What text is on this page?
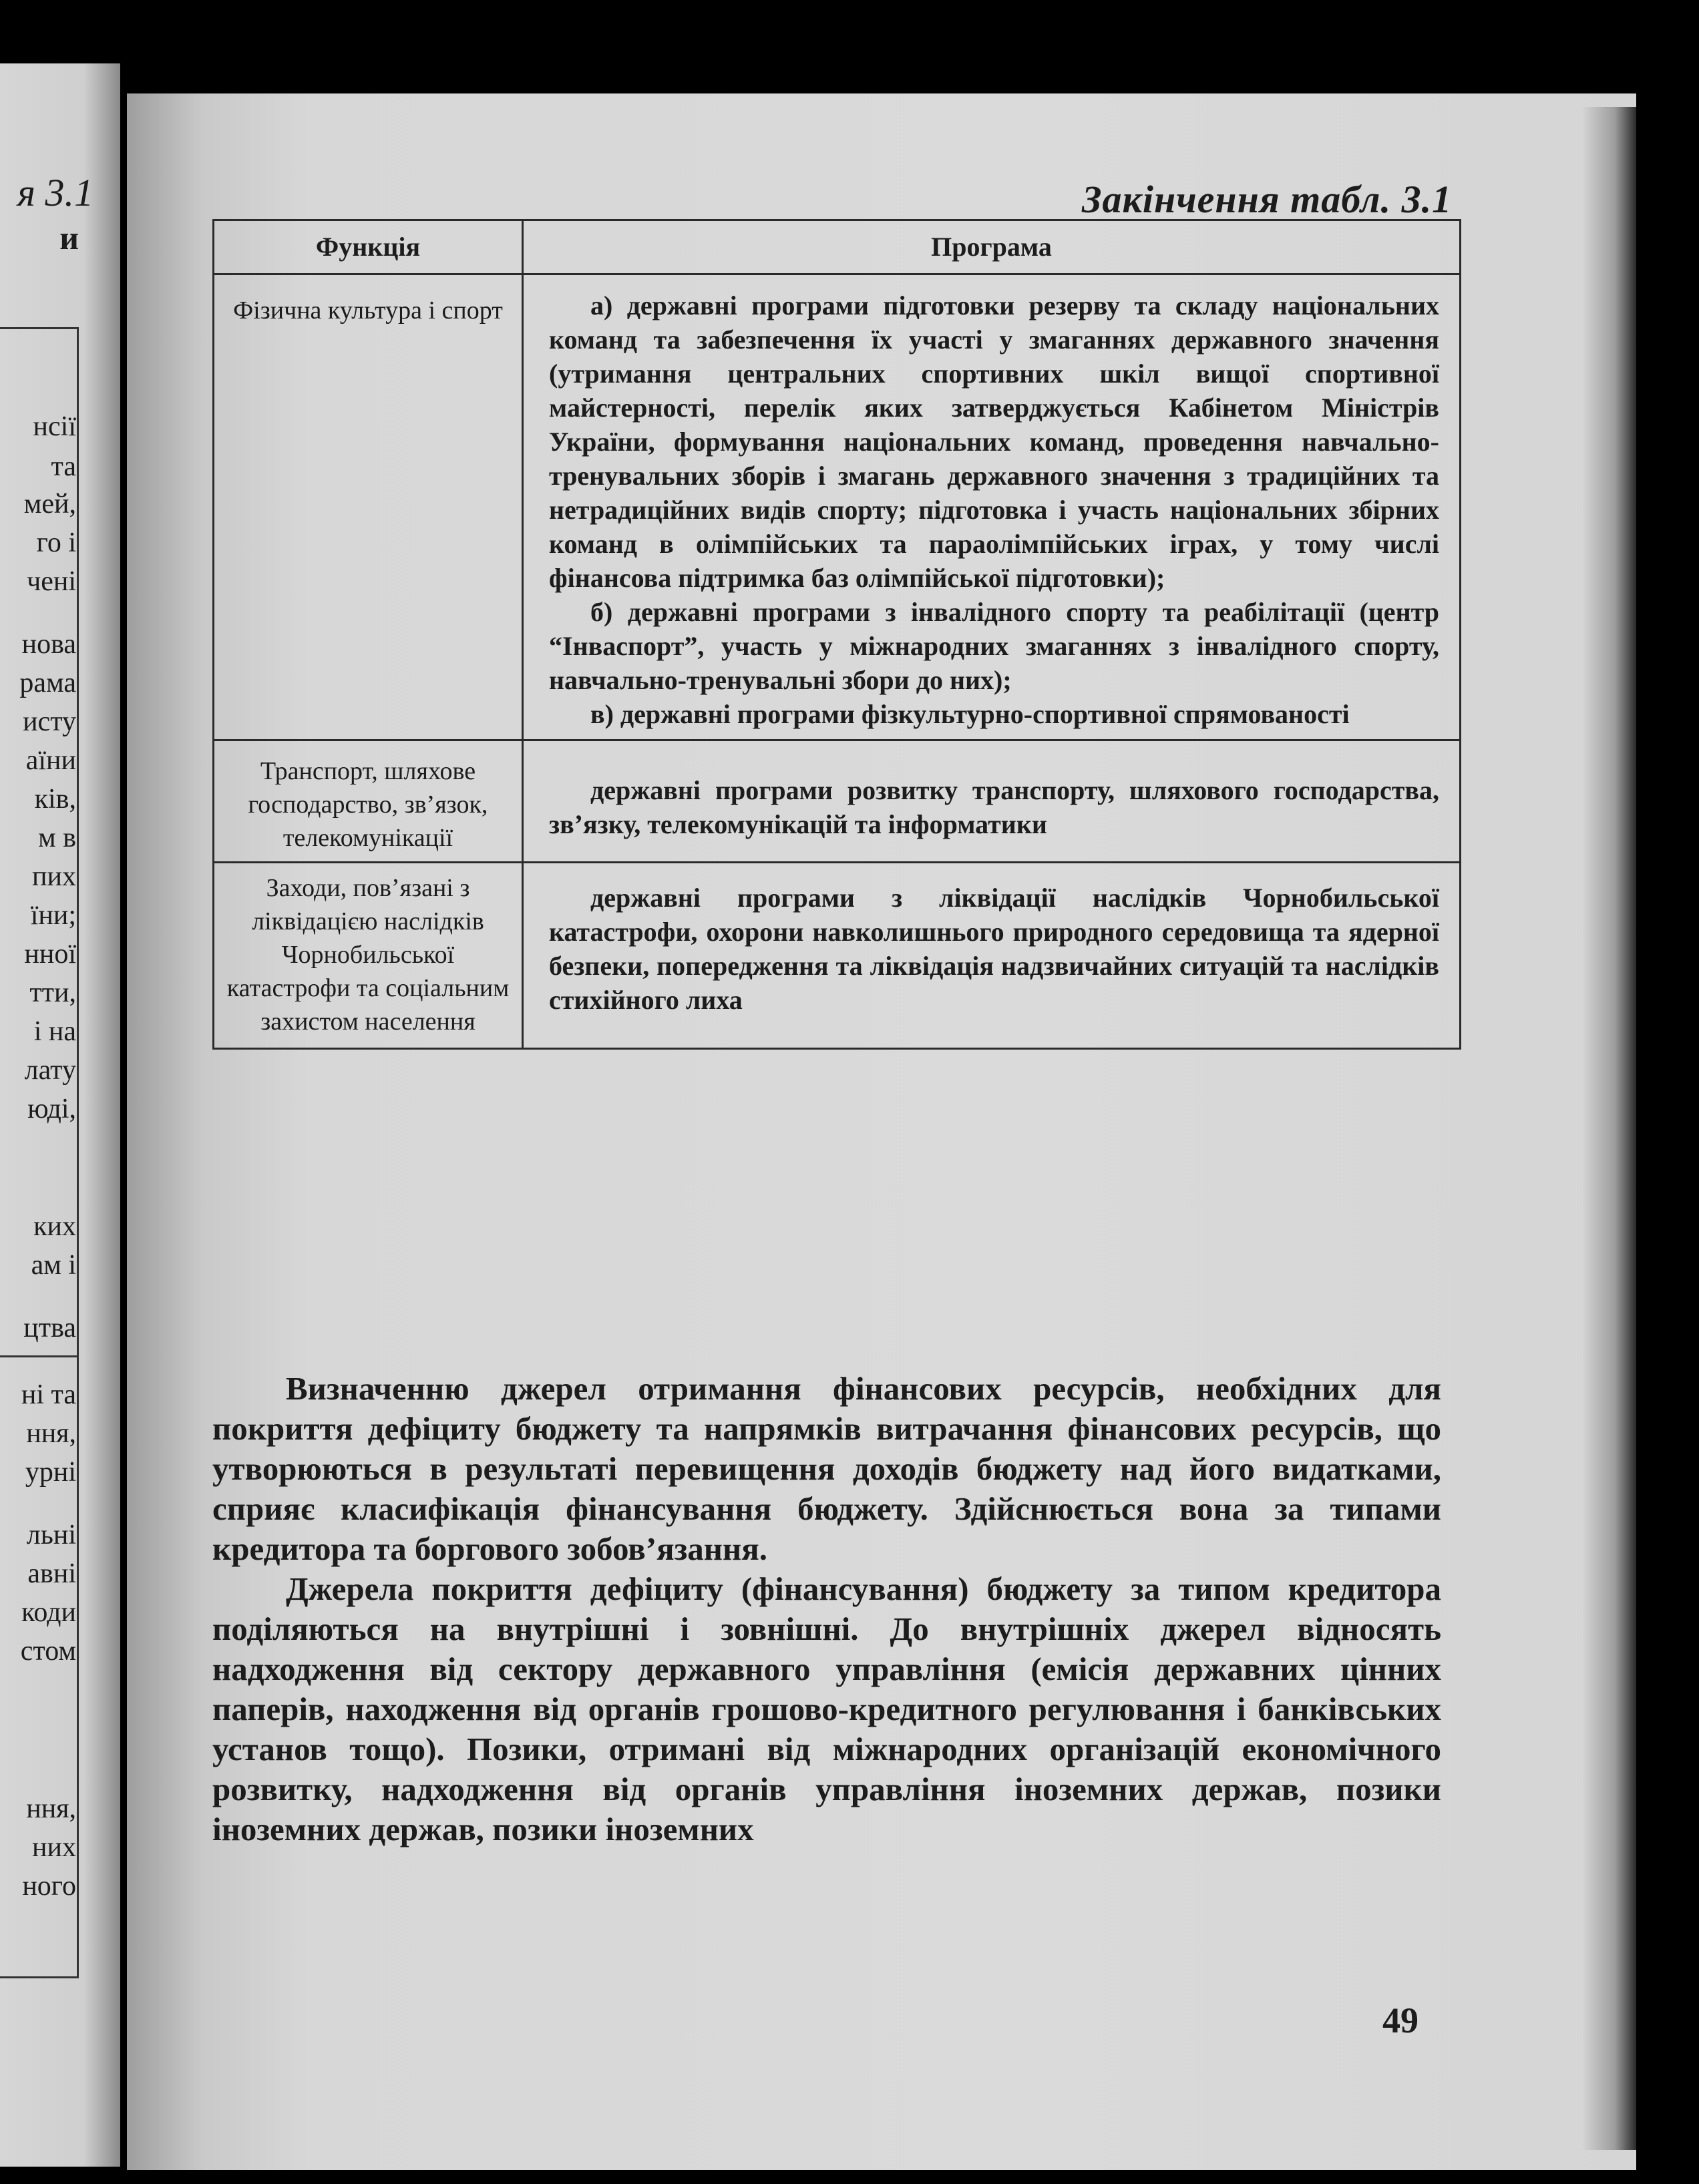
я 3.1
и
нсії
та
мей,
го і
чені
нова
рама
исту
аїни
ків,
м в
пих
їни;
нної
тти,
і на
лату
юді,
ких
ам і
цтва
ні та
ння,
урні
льні
авні
коди
стом
ння,
них
ного
Закінчення табл. 3.1
Функція	Програма
Фізична культура і спорт	а) державні програми підготовки резерву та складу національних команд та забезпечення їх участі у змаганнях державного значення (утримання центральних спортивних шкіл вищої спортивної майстерності, перелік яких затверджується Кабінетом Міністрів України, формування національних команд, проведення навчально-тренувальних зборів і змагань державного значення з традиційних та нетрадиційних видів спорту; підготовка і участь національних збірних команд в олімпійських та параолімпійських іграх, у тому числі фінансова підтримка баз олімпійської підготовки);

б) державні програми з інвалідного спорту та реабілітації (центр “Інваспорт”, участь у міжнародних змаганнях з інвалідного спорту, навчально-тренувальні збори до них);

в) державні програми фізкультурно-спортивної спрямованості

Транспорт, шляхове господарство, зв’язок, телекомунікації	державні програми розвитку транспорту, шляхового господарства, зв’язку, телекомунікацій та інформатики

Заходи, пов’язані з ліквідацією наслідків Чорнобильської катастрофи та соціальним захистом населення	державні програми з ліквідації наслідків Чорнобильської катастрофи, охорони навколишнього природного середовища та ядерної безпеки, попередження та ліквідація надзвичайних ситуацій та наслідків стихійного лиха

Визначенню джерел отримання фінансових ресурсів, необхідних для покриття дефіциту бюджету та напрямків витрачання фінансових ресурсів, що утворюються в результаті перевищення доходів бюджету над його видатками, сприяє класифікація фінансування бюджету. Здійснюється вона за типами кредитора та боргового зобов’язання.

Джерела покриття дефіциту (фінансування) бюджету за типом кредитора поділяються на внутрішні і зовнішні. До внутрішніх джерел відносять надходження від сектору державного управління (емісія державних цінних паперів, находження від органів грошово-кредитного регулювання і банківських установ тощо). Позики, отримані від міжнародних організацій економічного розвитку, надходження від органів управління іноземних держав, позики іноземних держав, позики іноземних

49
